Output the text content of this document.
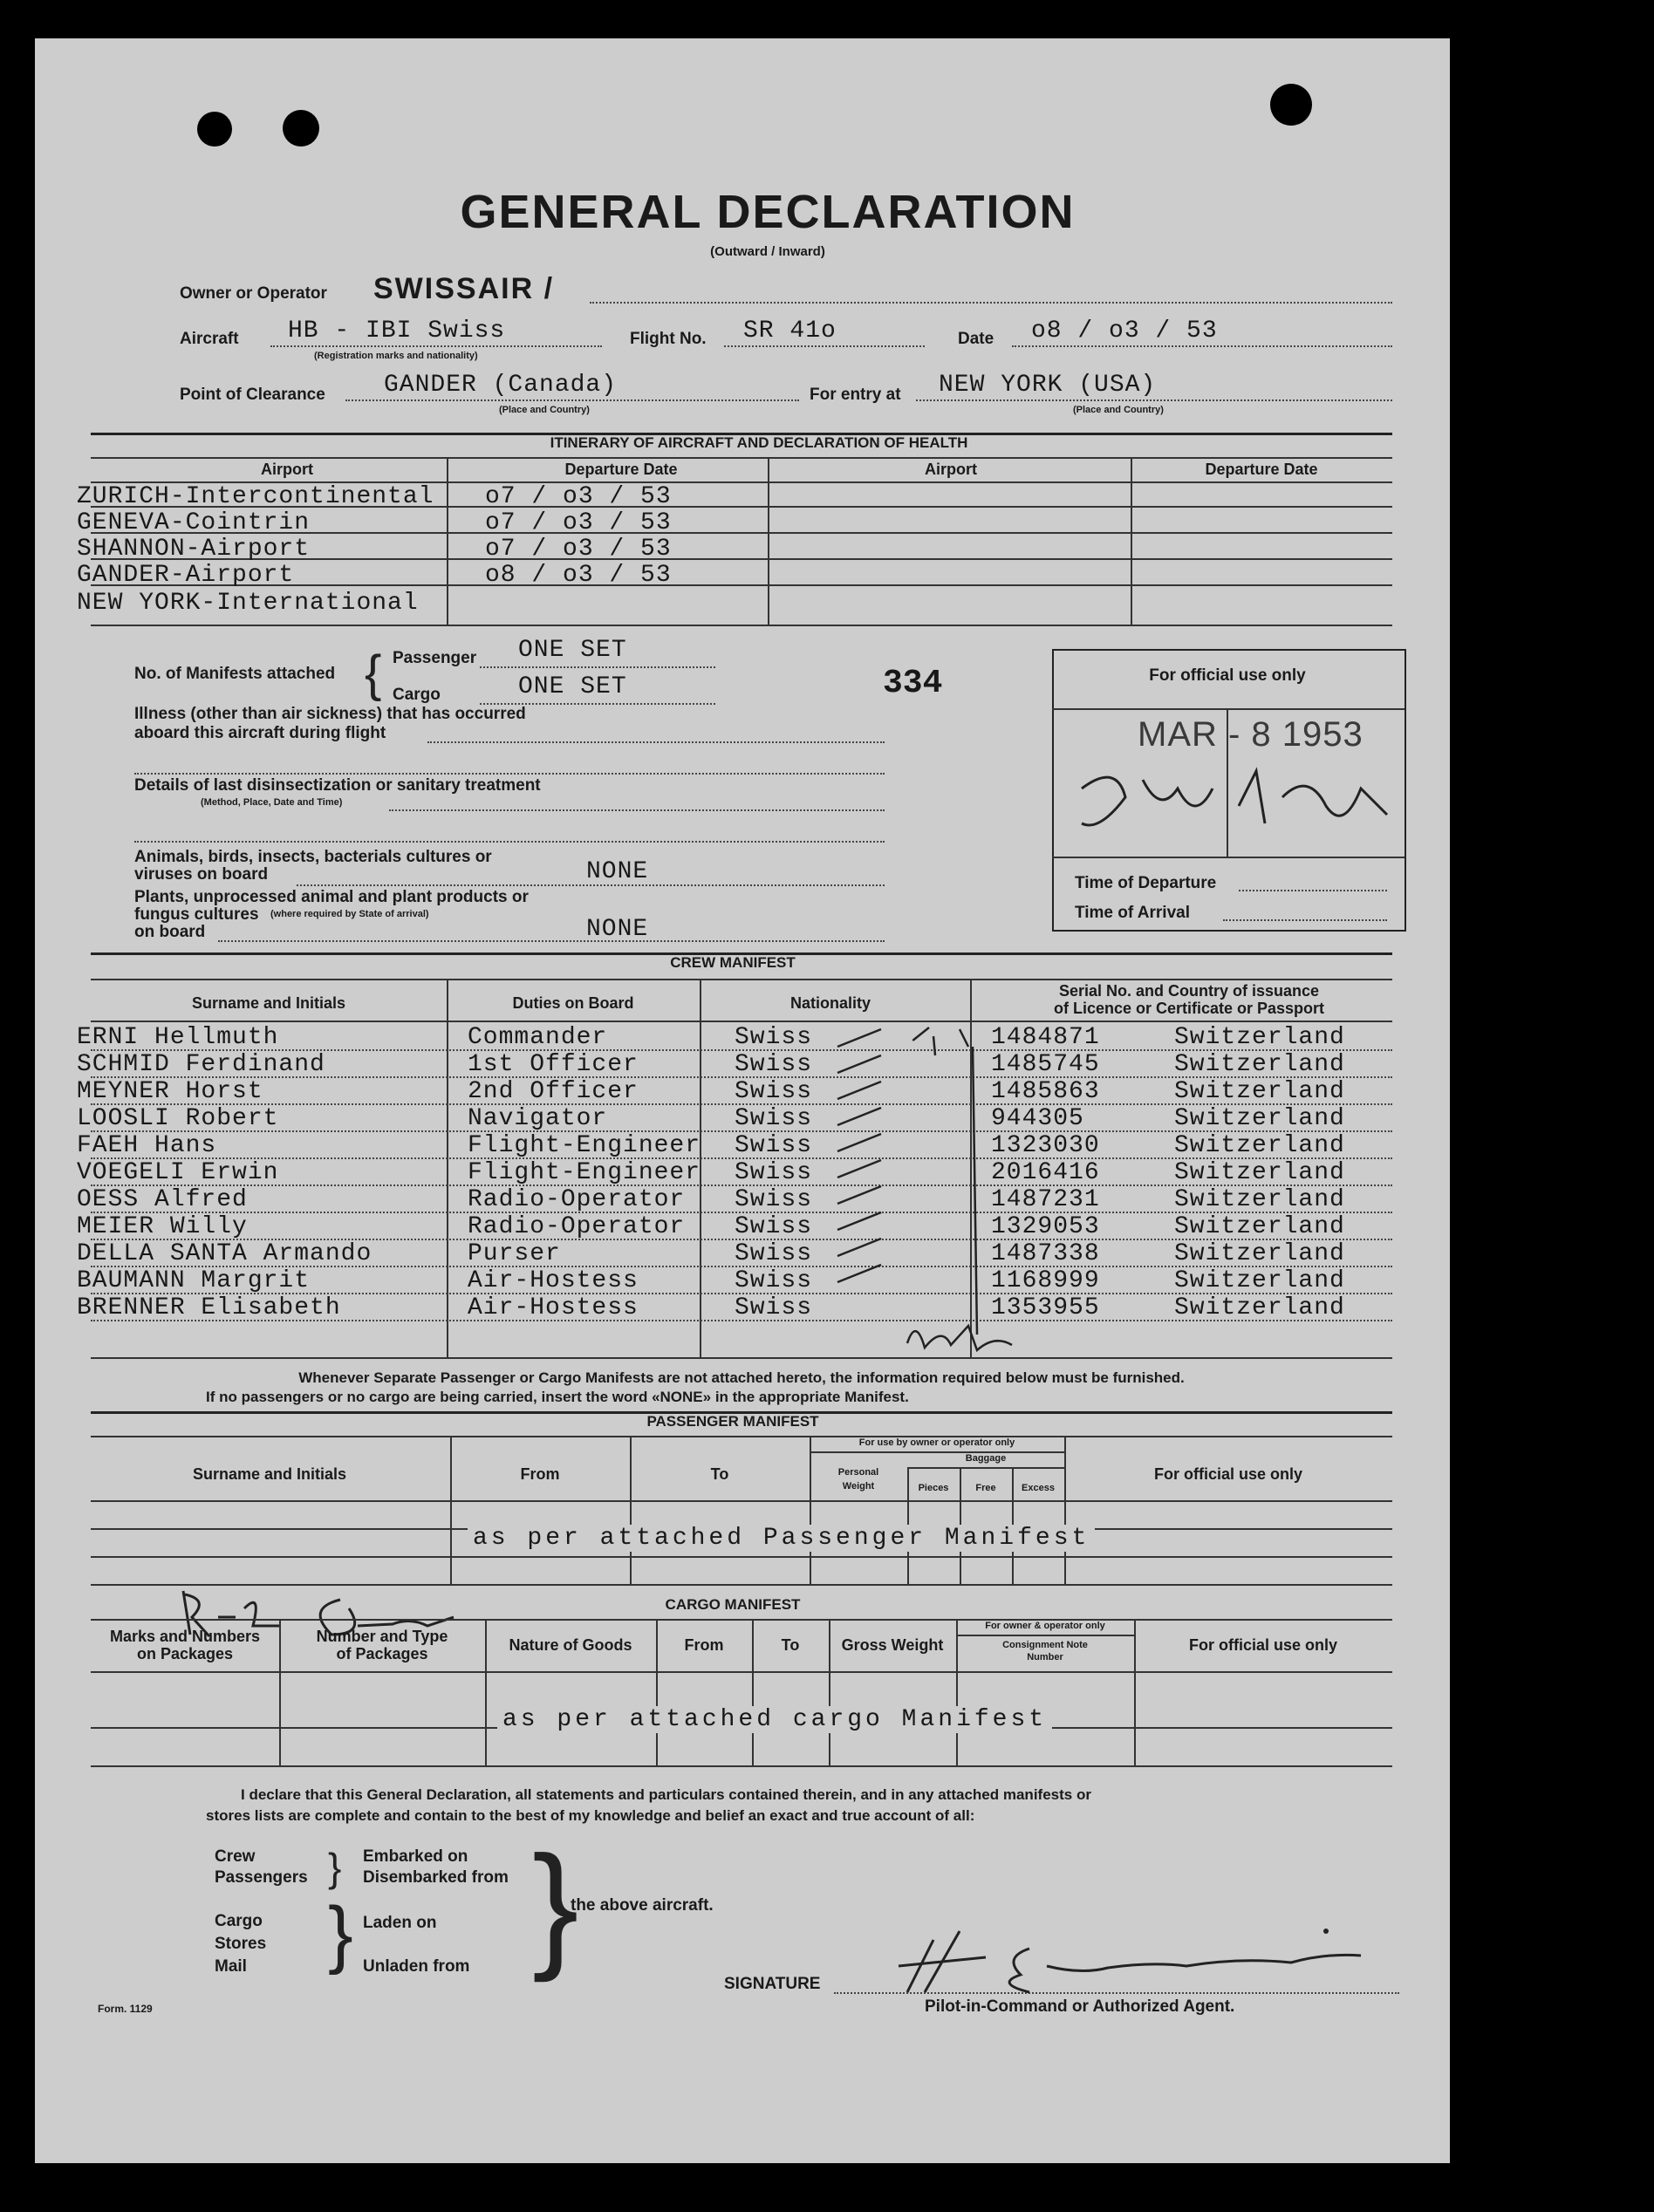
GENERAL DECLARATION
(Outward / Inward)
Owner or Operator SWISSAIR /
Aircraft HB - IBI Swiss
(Registration marks and nationality)
Flight No. SR 41o	Date o8 / o3 / 53
Point of Clearance GANDER (Canada)
(Place and Country)
For entry at NEW YORK (USA)
(Place and Country)
ITINERARY OF AIRCRAFT AND DECLARATION OF HEALTH
Airport	Departure Date	Airport	Departure Date
ZURICH-Intercontinental o7 / o3 / 53
GENEVA-Cointrin	o7 / o3 / 53
SHANNON-Airport	o7 / o3 / 53
GANDER-Airport	o8 / o3 / 53
NEW YORK-International
No. of Manifests attached { Passenger ONE SET
Cargo	ONE SET	334
Illness (other than air sickness) that has occurred
aboard this aircraft during flight
Details of last disinsectization or sanitary treatment
(Method, Place, Date and Time)
Animals, birds, insects, bacterials cultures or
viruses on board	NONE
Plants, unprocessed animal and plant products or
fungus cultures (where required by State of arrival)
on board	NONE
For official use only
MAR - 8 1953
Time of Departure
Time of Arrival
CREW MANIFEST
Surname and Initials	Duties on Board	Nationality
Serial No. and Country of issuance
of Licence or Certificate or Passport
ERNI Hellmuth	Commander	Swiss	1484871	Switzerland
SCHMID Ferdinand	1st Officer	Swiss	1485745	Switzerland
MEYNER Horst	2nd Officer	Swiss	1485863	Switzerland
LOOSLI Robert	Navigator	Swiss	944305	Switzerland
FAEH Hans	Flight-Engineer Swiss	1323030	Switzerland
VOEGELI Erwin	Flight-Engineer Swiss	2016416	Switzerland
OESS Alfred	Radio-Operator Swiss	1487231	Switzerland
MEIER Willy	Radio-Operator Swiss	1329053	Switzerland
DELLA SANTA Armando	Purser	Swiss	1487338	Switzerland
BAUMANN Margrit	Air-Hostess	Swiss	1168999	Switzerland
BRENNER Elisabeth	Air-Hostess	Swiss	1353955	Switzerland
Whenever Separate Passenger or Cargo Manifests are not attached hereto, the information required below must be furnished.
If no passengers or no cargo are being carried, insert the word «NONE» in the appropriate Manifest.
PASSENGER MANIFEST
Surname and Initials	From	To
For use by owner or operator only
Baggage
Personal
Weight	Pieces	Free	Excess
For official use only
as per attached Passenger Manifest
CARGO MANIFEST
Marks and Numbers
on Packages
Number and Type
of Packages	Nature of Goods	From	To	Gross Weight
For owner & operator only
Consignment Note
Number
For official use only
as per attached cargo Manifest
I declare that this General Declaration, all statements and particulars contained therein, and in any attached manifests or
stores lists are complete and contain to the best of my knowledge and belief an exact and true account of all:
Crew
Passengers } Embarked on
Disembarked from
Cargo
Stores
Mail } Laden on
Unladen from }
the above aircraft.
SIGNATURE
Pilot-in-Command or Authorized Agent.
Form. 1129
